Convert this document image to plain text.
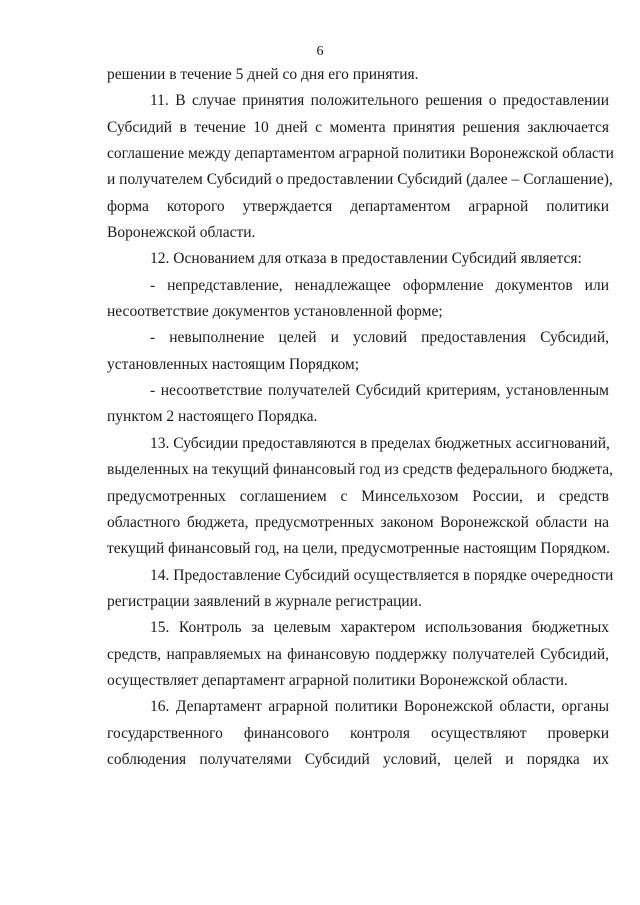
6
решении в течение 5 дней со дня его принятия.
11. В случае принятия положительного решения о предоставлении
Субсидий в течение 10 дней с момента принятия решения заключается
соглашение между департаментом аграрной политики Воронежской области
и получателем Субсидий о предоставлении Субсидий (далее – Соглашение),
форма которого утверждается департаментом аграрной политики
Воронежской области.
12. Основанием для отказа в предоставлении Субсидий является:
- непредставление, ненадлежащее оформление документов или
несоответствие документов установленной форме;
- невыполнение целей и условий предоставления Субсидий,
установленных настоящим Порядком;
- несоответствие получателей Субсидий критериям, установленным
пунктом 2 настоящего Порядка.
13. Субсидии предоставляются в пределах бюджетных ассигнований,
выделенных на текущий финансовый год из средств федерального бюджета,
предусмотренных соглашением с Минсельхозом России, и средств
областного бюджета, предусмотренных законом Воронежской области на
текущий финансовый год, на цели, предусмотренные настоящим Порядком.
14. Предоставление Субсидий осуществляется в порядке очередности
регистрации заявлений в журнале регистрации.
15. Контроль за целевым характером использования бюджетных
средств, направляемых на финансовую поддержку получателей Субсидий,
осуществляет департамент аграрной политики Воронежской области.
16. Департамент аграрной политики Воронежской области, органы
государственного финансового контроля осуществляют проверки
соблюдения получателями Субсидий условий, целей и порядка их
